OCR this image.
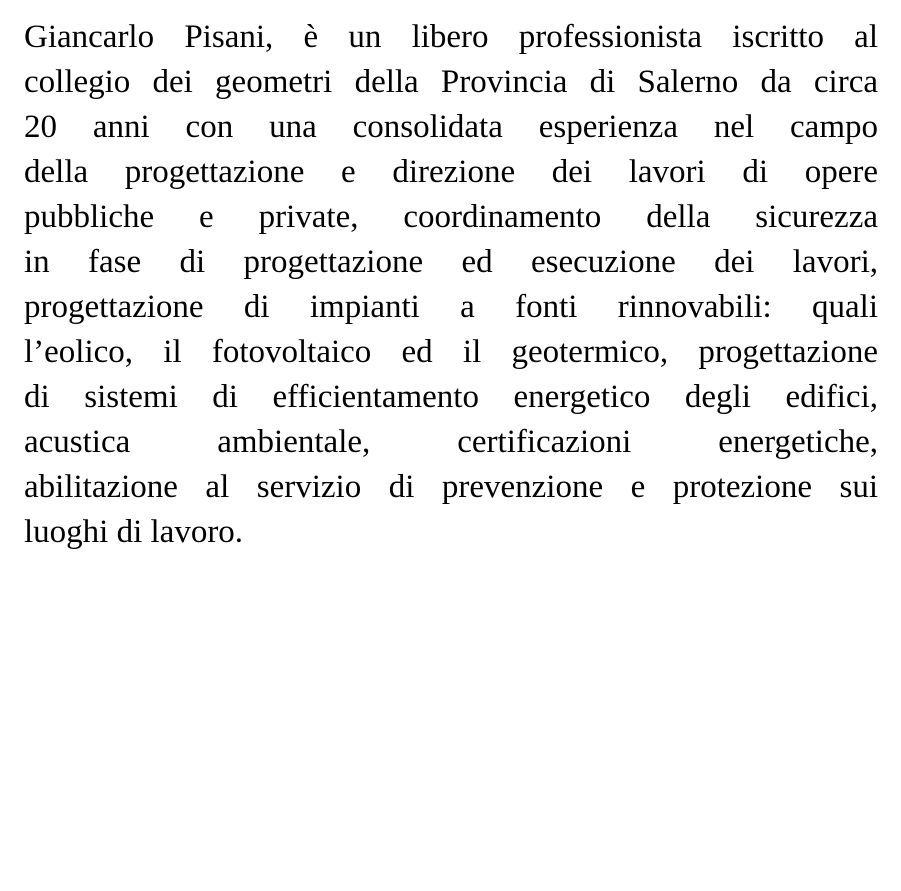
Giancarlo Pisani, è un libero professionista iscritto al
collegio dei geometri della Provincia di Salerno da circa
20 anni con una consolidata esperienza nel campo
della progettazione e direzione dei lavori di opere
pubbliche e private, coordinamento della sicurezza
in fase di progettazione ed esecuzione dei lavori,
progettazione di impianti a fonti rinnovabili: quali
l’eolico, il fotovoltaico ed il geotermico, progettazione
di sistemi di efficientamento energetico degli edifici,
acustica ambientale, certificazioni energetiche,
abilitazione al servizio di prevenzione e protezione sui
luoghi di lavoro.
